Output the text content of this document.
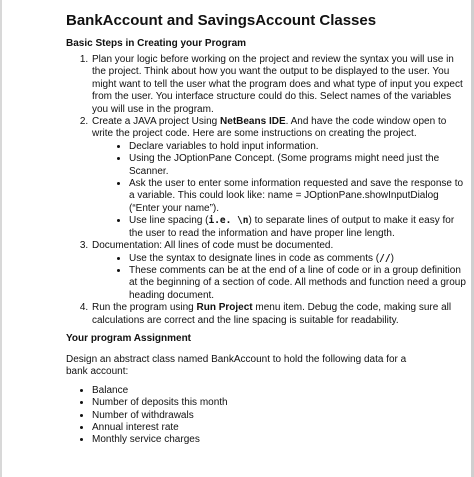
BankAccount and SavingsAccount Classes
Basic Steps in Creating your Program
1. Plan your logic before working on the project and review the syntax you will use in the project. Think about how you want the output to be displayed to the user. You might want to tell the user what the program does and what type of input you expect from the user. You interface structure could do this. Select names of the variables you will use in the program.
2. Create a JAVA project Using NetBeans IDE. And have the code window open to write the project code. Here are some instructions on creating the project.
• Declare variables to hold input information.
• Using the JOptionPane Concept. (Some programs might need just the Scanner.
• Ask the user to enter some information requested and save the response to a variable. This could look like: name = JOptionPane.showInputDialog (“Enter your name”).
• Use line spacing (i.e. \n) to separate lines of output to make it easy for the user to read the information and have proper line length.
3. Documentation: All lines of code must be documented.
• Use the syntax to designate lines in code as comments (//)
• These comments can be at the end of a line of code or in a group definition at the beginning of a section of code. All methods and function need a group heading document.
4. Run the program using Run Project menu item. Debug the code, making sure all calculations are correct and the line spacing is suitable for readability.
Your program Assignment

Design an abstract class named BankAccount to hold the following data for a bank account:

• Balance
• Number of deposits this month
• Number of withdrawals
• Annual interest rate
• Monthly service charges
